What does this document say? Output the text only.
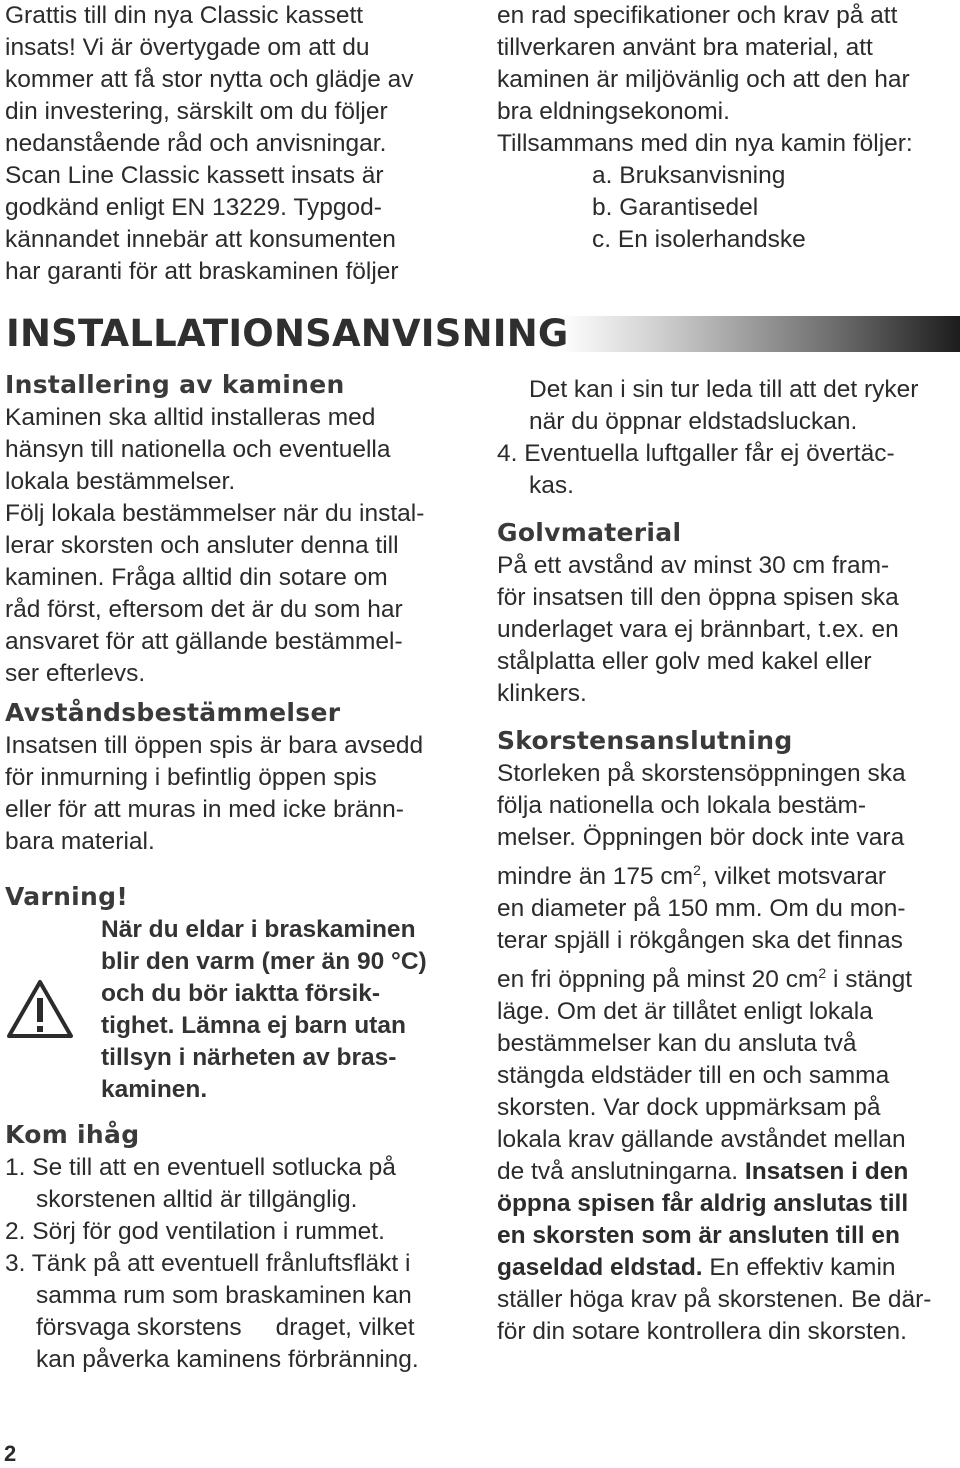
Grattis till din nya Classic kassett
insats! Vi är övertygade om att du
kommer att få stor nytta och glädje av
din investering, särskilt om du följer
nedanstående råd och anvisningar.
Scan Line Classic kassett insats är
godkänd enligt EN 13229. Typgod-
kännandet innebär att konsumenten
har garanti för att braskaminen följer

en rad specifikationer och krav på att
tillverkaren använt bra material, att
kaminen är miljövänlig och att den har
bra eldningsekonomi.
Tillsammans med din nya kamin följer:

a. Bruksanvisning
b. Garantisedel
c. En isolerhandske
INSTALLATIONSANVISNING
Installering av kaminen

Kaminen ska alltid installeras med
hänsyn till nationella och eventuella
lokala bestämmelser.
Följ lokala bestämmelser när du instal-
lerar skorsten och ansluter denna till
kaminen. Fråga alltid din sotare om
råd först, eftersom det är du som har
ansvaret för att gällande bestämmel-
ser efterlevs.

Avståndsbestämmelser

Insatsen till öppen spis är bara avsedd
för inmurning i befintlig öppen spis
eller för att muras in med icke bränn-
bara material.

Varning!
När du eldar i braskaminen
blir den varm (mer än 90 °C)
och du bör iaktta försik-
tighet. Lämna ej barn utan
tillsyn i närheten av bras-
kaminen.
Kom ihåg
1. Se till att en eventuell sotlucka på
skorstenen alltid är tillgänglig.
2. Sörj för god ventilation i rummet.
3. Tänk på att eventuell frånluftsfläkt i
samma rum som braskaminen kan
försvaga skorstens     draget, vilket
kan påverka kaminens förbränning.
Det kan i sin tur leda till att det ryker
när du öppnar eldstadsluckan.
4. Eventuella luftgaller får ej övertäc-
kas.
Golvmaterial

På ett avstånd av minst 30 cm fram-
för insatsen till den öppna spisen ska
underlaget vara ej brännbart, t.ex. en
stålplatta eller golv med kakel eller
klinkers.

Skorstensanslutning

Storleken på skorstensöppningen ska
följa nationella och lokala bestäm-
melser. Öppningen bör dock inte vara
mindre än 175 $cm^2$, vilket motsvarar
en diameter på 150 mm. Om du mon-
terar spjäll i rökgången ska det finnas
en fri öppning på minst 20 $cm^2$ i stängt
läge. Om det är tillåtet enligt lokala
bestämmelser kan du ansluta två
stängda eldstäder till en och samma
skorsten. Var dock uppmärksam på
lokala krav gällande avståndet mellan
de två anslutningarna. Insatsen i den
öppna spisen får aldrig anslutas till
en skorsten som är ansluten till en
gaseldad eldstad. En effektiv kamin
ställer höga krav på skorstenen. Be där-
för din sotare kontrollera din skorsten.

2
